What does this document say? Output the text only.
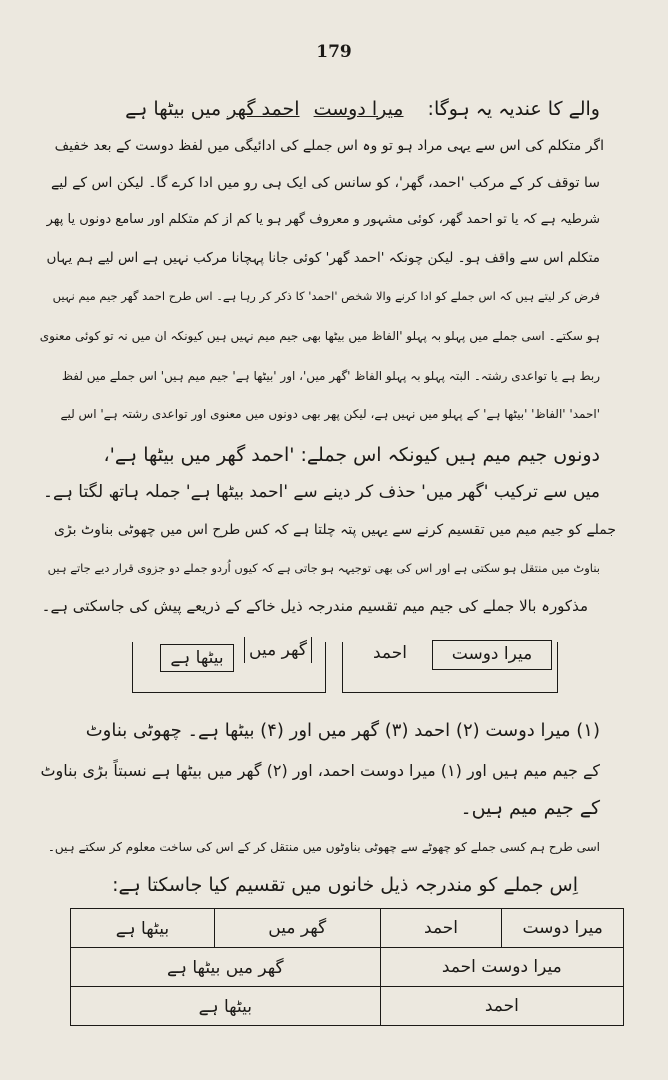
179
والے کا عندیہ یہ ہوگا: میرا دوست احمد گھر میں بیٹھا ہے
اگر متکلم کی اس سے یہی مراد ہو تو وہ اس جملے کی ادائیگی میں لفظ دوست کے بعد خفیف
سا توقف کر کے مرکب 'احمد، گھر'، کو سانس کی ایک ہی رو میں ادا کرے گا۔ لیکن اس کے لیے
شرطیہ ہے کہ یا تو احمد گھر، کوئی مشہور و معروف گھر ہو یا کم از کم متکلم اور سامع دونوں یا پھر
متکلم اس سے واقف ہو۔ لیکن چونکہ 'احمد گھر' کوئی جانا پہچانا مرکب نہیں ہے اس لیے ہم یہاں
فرض کر لیتے ہیں کہ اس جملے کو ادا کرنے والا شخص 'احمد' کا ذکر کر رہا ہے۔ اس طرح احمد گھر جیم میم نہیں
ہو سکتے۔ اسی جملے میں پہلو بہ پہلو 'الفاظ میں بیٹھا بھی جیم میم نہیں ہیں کیونکہ ان میں نہ تو کوئی معنوی
ربط ہے یا تواعدی رشتہ۔ البتہ پہلو بہ پہلو الفاظ 'گھر میں'، اور 'بیٹھا ہے' جیم میم ہیں' اس جملے میں لفظ
'احمد' 'الفاظ' 'بیٹھا ہے' کے پہلو میں نہیں ہے، لیکن پھر بھی دونوں میں معنوی اور تواعدی رشتہ ہے' اس لیے
دونوں جیم میم ہیں کیونکہ اس جملے: 'احمد گھر میں بیٹھا ہے'،
میں سے ترکیب 'گھر میں' حذف کر دینے سے 'احمد بیٹھا ہے' جملہ ہاتھ لگتا ہے۔
جملے کو جیم میم میں تقسیم کرنے سے یہیں پتہ چلتا ہے کہ کس طرح اس میں چھوٹی بناوٹ بڑی
بناوٹ میں منتقل ہو سکتی ہے اور اس کی بھی توجیہہ ہو جاتی ہے کہ کیوں اُردو جملے دو جزوی قرار دیے جاتے ہیں
مذکورہ بالا جملے کی جیم میم تقسیم مندرجہ ذیل خاکے کے ذریعے پیش کی جاسکتی ہے۔
بیٹھا ہے	گھر میں	میرا دوست
احمد
(۱) میرا دوست (۲) احمد (۳) گھر میں اور (۴) بیٹھا ہے۔ چھوٹی بناوٹ
کے جیم میم ہیں اور (۱) میرا دوست احمد، اور (۲) گھر میں بیٹھا ہے نسبتاً بڑی بناوٹ
کے جیم میم ہیں۔
اسی طرح ہم کسی جملے کو چھوٹے سے چھوٹی بناوٹوں میں منتقل کر کے اس کی ساخت معلوم کر سکتے ہیں۔
اِس جملے کو مندرجہ ذیل خانوں میں تقسیم کیا جاسکتا ہے:
میرا دوست	احمد	گھر میں	بیٹھا ہے
میرا دوست احمد		گھر میں بیٹھا ہے	
احمد		بیٹھا ہے	
